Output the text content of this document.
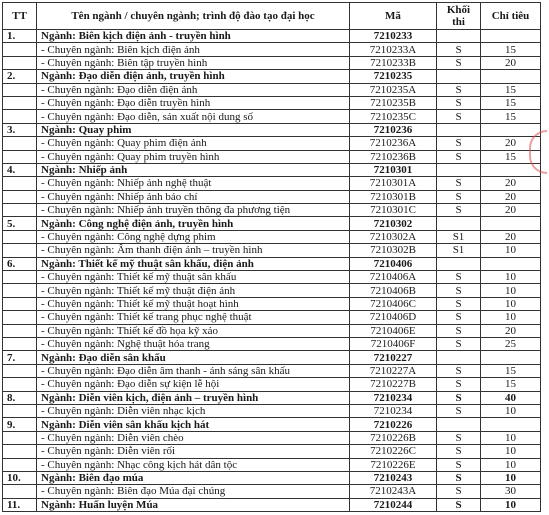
TT	Tên ngành / chuyên ngành; trình độ đào tạo đại học	Mã	Khối thi	Chỉ tiêu
1.	Ngành: Biên kịch điện ảnh - truyền hình	7210233		
	- Chuyên ngành: Biên kịch điện ảnh	7210233A	S	15
	- Chuyên ngành: Biên tập truyền hình	7210233B	S	20
2.	Ngành: Đạo diễn điện ảnh, truyền hình	7210235		
	- Chuyên ngành: Đạo diễn điện ảnh	7210235A	S	15
	- Chuyên ngành: Đạo diễn truyền hình	7210235B	S	15
	- Chuyên ngành: Đạo diễn, sản xuất nội dung số	7210235C	S	15
3.	Ngành: Quay phim	7210236		
	- Chuyên ngành: Quay phim điện ảnh	7210236A	S	20
	- Chuyên ngành: Quay phim truyền hình	7210236B	S	15
4.	Ngành: Nhiếp ảnh	7210301		
	- Chuyên ngành: Nhiếp ảnh nghệ thuật	7210301A	S	20
	- Chuyên ngành: Nhiếp ảnh báo chí	7210301B	S	20
	- Chuyên ngành: Nhiếp ảnh truyền thông đa phương tiện	7210301C	S	20
5.	Ngành: Công nghệ điện ảnh, truyền hình	7210302		
	- Chuyên ngành: Công nghệ dựng phim	7210302A	S1	20
	- Chuyên ngành: Âm thanh điện ảnh – truyền hình	7210302B	S1	10
6.	Ngành: Thiết kế mỹ thuật sân khấu, điện ảnh	7210406		
	- Chuyên ngành: Thiết kế mỹ thuật sân khấu	7210406A	S	10
	- Chuyên ngành: Thiết kế mỹ thuật điện ảnh	7210406B	S	10
	- Chuyên ngành: Thiết kế mỹ thuật hoạt hình	7210406C	S	10
	- Chuyên ngành: Thiết kế trang phục nghệ thuật	7210406D	S	10
	- Chuyên ngành: Thiết kế đồ họa kỹ xảo	7210406E	S	20
	- Chuyên ngành: Nghệ thuật hóa trang	7210406F	S	25
7.	Ngành: Đạo diễn sân khấu	7210227		
	- Chuyên ngành: Đạo diễn âm thanh - ánh sáng sân khấu	7210227A	S	15
	- Chuyên ngành: Đạo diễn sự kiện lễ hội	7210227B	S	15
8.	Ngành: Diễn viên kịch, điện ảnh – truyền hình	7210234	S	40
	- Chuyên ngành: Diễn viên nhạc kịch	7210234	S	10
9.	Ngành: Diễn viên sân khấu kịch hát	7210226		
	- Chuyên ngành: Diễn viên chèo	7210226B	S	10
	- Chuyên ngành: Diễn viên rối	7210226C	S	10
	- Chuyên ngành: Nhạc công kịch hát dân tộc	7210226E	S	10
10.	Ngành: Biên đạo múa	7210243	S	10
	- Chuyên ngành: Biên đạo Múa đại chúng	7210243A	S	30
11.	Ngành: Huấn luyện Múa	7210244	S	10
